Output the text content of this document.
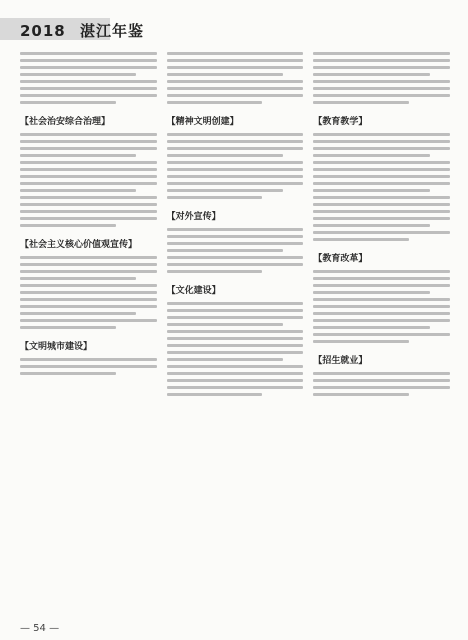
2018 湛江年鉴
【社会治安综合治理】
【社会主义核心价值观宣传】
【文明城市建设】
【精神文明创建】
【对外宣传】
【文化建设】
【教育教学】
【教育改革】
【招生就业】
— 54 —
